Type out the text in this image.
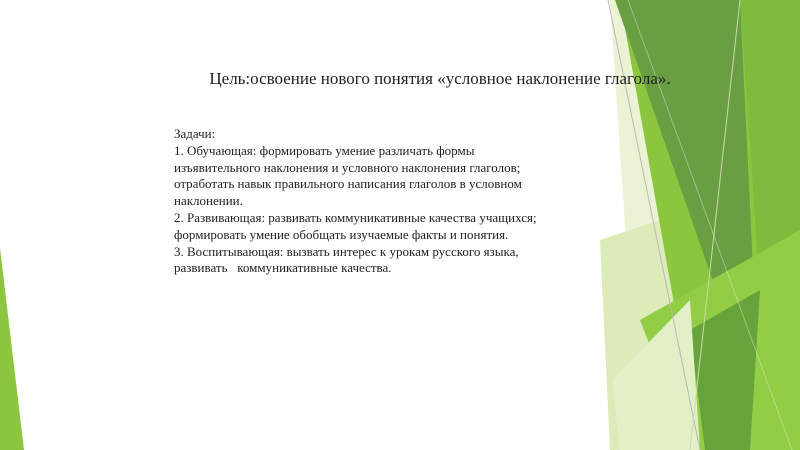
Цель:освоение нового понятия «условное наклонение глагола».
Задачи:
1. Обучающая: формировать умение различать формы
изъявительного наклонения и условного наклонения глаголов;
отработать навык правильного написания глаголов в условном
наклонении.
2. Развивающая: развивать коммуникативные качества учащихся;
формировать умение обобщать изучаемые факты и понятия.
3. Воспитывающая: вызвать интерес к урокам русского языка,
развивать   коммуникативные качества.
